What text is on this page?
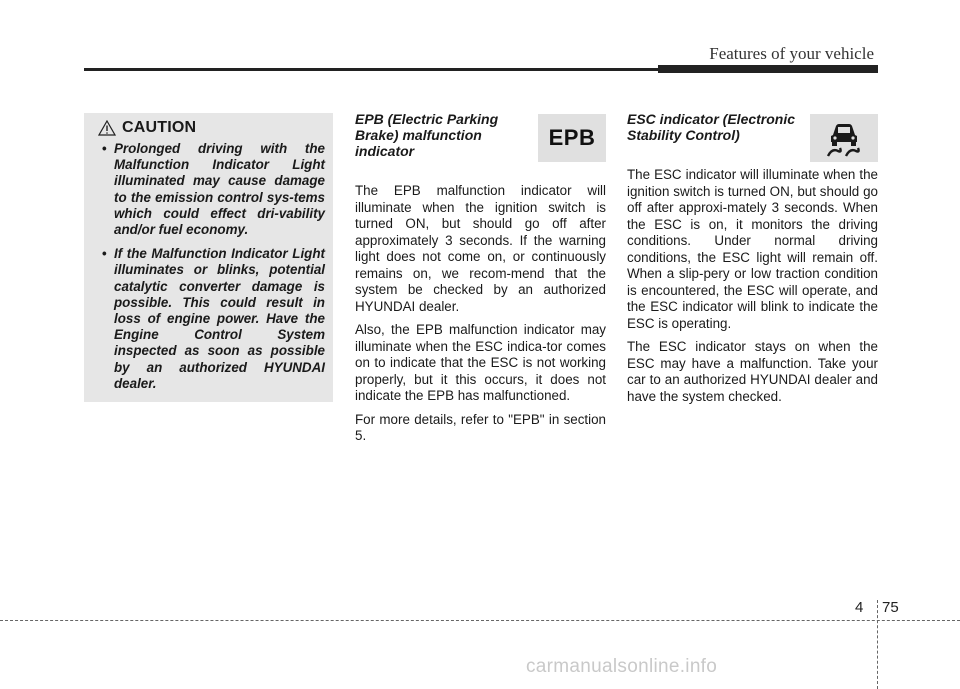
Features of your vehicle
CAUTION
• Prolonged driving with the Malfunction Indicator Light illuminated may cause damage to the emission control sys-tems which could effect dri-vability and/or fuel economy.
• If the Malfunction Indicator Light illuminates or blinks, potential catalytic converter damage is possible. This could result in loss of engine power. Have the Engine Control System inspected as soon as possible by an authorized HYUNDAI dealer.
EPB (Electric Parking Brake) malfunction indicator
EPB

The EPB malfunction indicator will illuminate when the ignition switch is turned ON, but should go off after approximately 3 seconds. If the warning light does not come on, or continuously remains on, we recom-mend that the system be checked by an authorized HYUNDAI dealer.

Also, the EPB malfunction indicator may illuminate when the ESC indica-tor comes on to indicate that the ESC is not working properly, but it this occurs, it does not indicate the EPB has malfunctioned.

For more details, refer to "EPB" in section 5.

ESC indicator (Electronic Stability Control)

The ESC indicator will illuminate when the ignition switch is turned ON, but should go off after approxi-mately 3 seconds. When the ESC is on, it monitors the driving conditions. Under normal driving conditions, the ESC light will remain off. When a slip-pery or low traction condition is encountered, the ESC will operate, and the ESC indicator will blink to indicate the ESC is operating.

The ESC indicator stays on when the ESC may have a malfunction. Take your car to an authorized HYUNDAI dealer and have the system checked.

4 75
carmanualsonline.info
